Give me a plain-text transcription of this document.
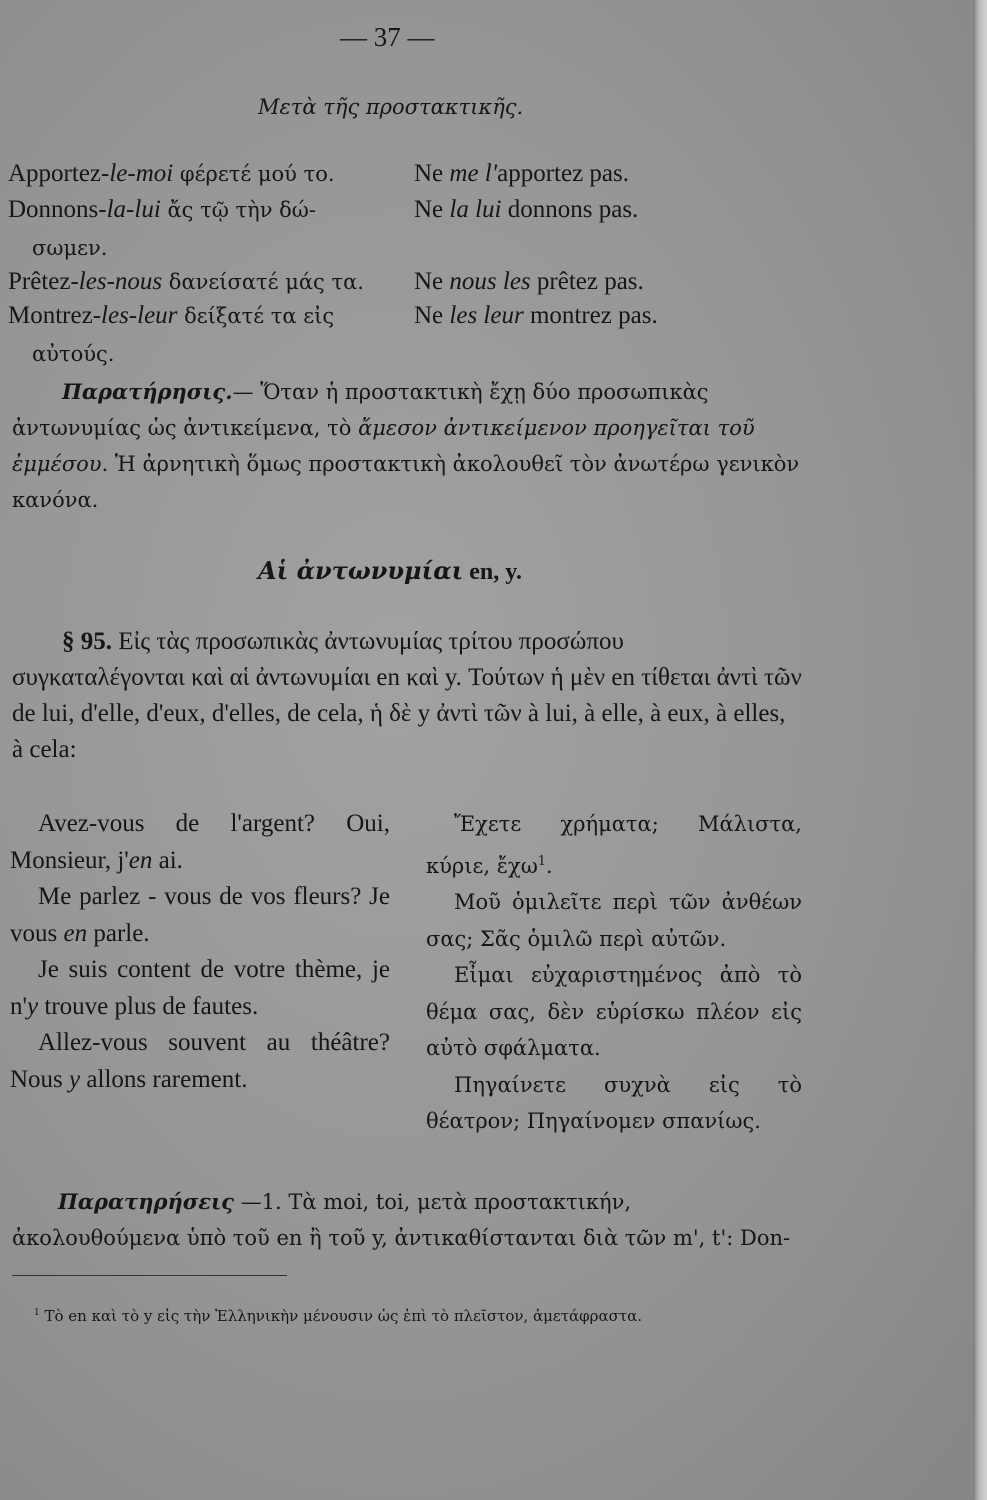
— 37 —
Μετὰ τῆς προστακτικῆς.
Apportez-le-moi φέρετέ μού το.	Ne me l'apportez pas.
Donnons-la-lui ἄς τῷ τὴν δώ-	Ne la lui donnons pas.
σωμεν.
Prêtez-les-nous δανείσατέ μάς τα. Ne nous les prêtez pas.
Montrez-les-leur δείξατέ τα εἰς	Ne les leur montrez pas.
αὐτούς.
Παρατήρησις.— Ὅταν ἡ προστακτικὴ ἔχῃ δύο προσωπικὰς ἀντωνυμίας ὡς ἀντικείμενα, τὸ ἄμεσον ἀντικείμενον προηγεῖται τοῦ ἐμμέσου. Ἡ ἀρνητικὴ ὅμως προστακτικὴ ἀκολουθεῖ τὸν ἀνωτέρω γενικὸν κανόνα.
Αἱ ἀντωνυμίαι en, y.
§ 95. Εἰς τὰς προσωπικὰς ἀντωνυμίας τρίτου προσώπου συγκαταλέγονται καὶ αἱ ἀντωνυμίαι en καὶ y. Τούτων ἡ μὲν en τίθεται ἀντὶ τῶν de lui, d'elle, d'eux, d'elles, de cela, ἡ δὲ y ἀντὶ τῶν à lui, à elle, à eux, à elles, à cela:

Avez-vous de l'argent? Oui, Monsieur, j'en ai.

Me parlez - vous de vos fleurs? Je vous en parle.

Je suis content de votre thème, je n'y trouve plus de fautes.

Allez-vous souvent au théâtre? Nous y allons rarement.

Ἔχετε χρήματα; Μάλιστα, κύριε, ἔχω$^1$.

Μοῦ ὁμιλεῖτε περὶ τῶν ἀνθέων σας; Σᾶς ὁμιλῶ περὶ αὐτῶν.

Εἶμαι εὐχαριστημένος ἀπὸ τὸ θέμα σας, δὲν εὑρίσκω πλέον εἰς αὐτὸ σφάλματα.

Πηγαίνετε συχνὰ εἰς τὸ θέατρον; Πηγαίνομεν σπανίως.

Παρατηρήσεις —1. Τὰ moi, toi, μετὰ προστακτικήν, ἀκολουθούμενα ὑπὸ τοῦ en ἢ τοῦ y, ἀντικαθίστανται διὰ τῶν m', t': Don-
$^1$ Τὸ en καὶ τὸ y εἰς τὴν Ἑλληνικὴν μένουσιν ὡς ἐπὶ τὸ πλεῖστον, ἀμετάφραστα.
